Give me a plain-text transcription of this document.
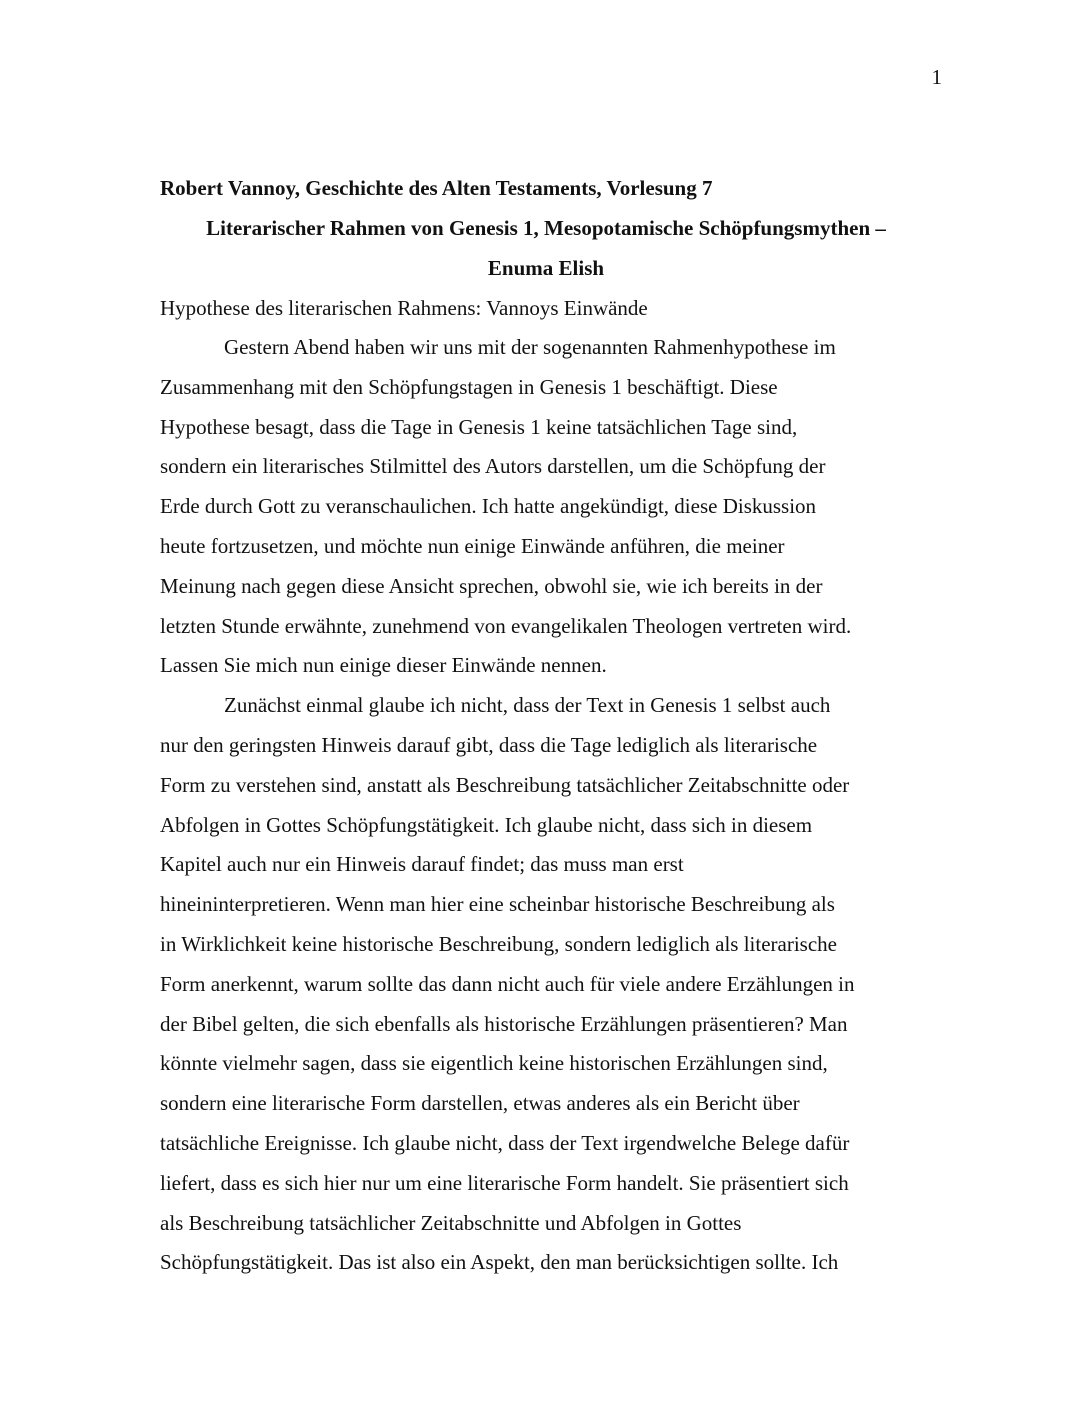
1
Robert Vannoy, Geschichte des Alten Testaments, Vorlesung 7
Literarischer Rahmen von Genesis 1, Mesopotamische Schöpfungsmythen –
Enuma Elish
Hypothese des literarischen Rahmens: Vannoys Einwände

Gestern Abend haben wir uns mit der sogenannten Rahmenhypothese im
Zusammenhang mit den Schöpfungstagen in Genesis 1 beschäftigt. Diese
Hypothese besagt, dass die Tage in Genesis 1 keine tatsächlichen Tage sind,
sondern ein literarisches Stilmittel des Autors darstellen, um die Schöpfung der
Erde durch Gott zu veranschaulichen. Ich hatte angekündigt, diese Diskussion
heute fortzusetzen, und möchte nun einige Einwände anführen, die meiner
Meinung nach gegen diese Ansicht sprechen, obwohl sie, wie ich bereits in der
letzten Stunde erwähnte, zunehmend von evangelikalen Theologen vertreten wird.
Lassen Sie mich nun einige dieser Einwände nennen.

Zunächst einmal glaube ich nicht, dass der Text in Genesis 1 selbst auch
nur den geringsten Hinweis darauf gibt, dass die Tage lediglich als literarische
Form zu verstehen sind, anstatt als Beschreibung tatsächlicher Zeitabschnitte oder
Abfolgen in Gottes Schöpfungstätigkeit. Ich glaube nicht, dass sich in diesem
Kapitel auch nur ein Hinweis darauf findet; das muss man erst
hineininterpretieren. Wenn man hier eine scheinbar historische Beschreibung als
in Wirklichkeit keine historische Beschreibung, sondern lediglich als literarische
Form anerkennt, warum sollte das dann nicht auch für viele andere Erzählungen in
der Bibel gelten, die sich ebenfalls als historische Erzählungen präsentieren? Man
könnte vielmehr sagen, dass sie eigentlich keine historischen Erzählungen sind,
sondern eine literarische Form darstellen, etwas anderes als ein Bericht über
tatsächliche Ereignisse. Ich glaube nicht, dass der Text irgendwelche Belege dafür
liefert, dass es sich hier nur um eine literarische Form handelt. Sie präsentiert sich
als Beschreibung tatsächlicher Zeitabschnitte und Abfolgen in Gottes
Schöpfungstätigkeit. Das ist also ein Aspekt, den man berücksichtigen sollte. Ich
